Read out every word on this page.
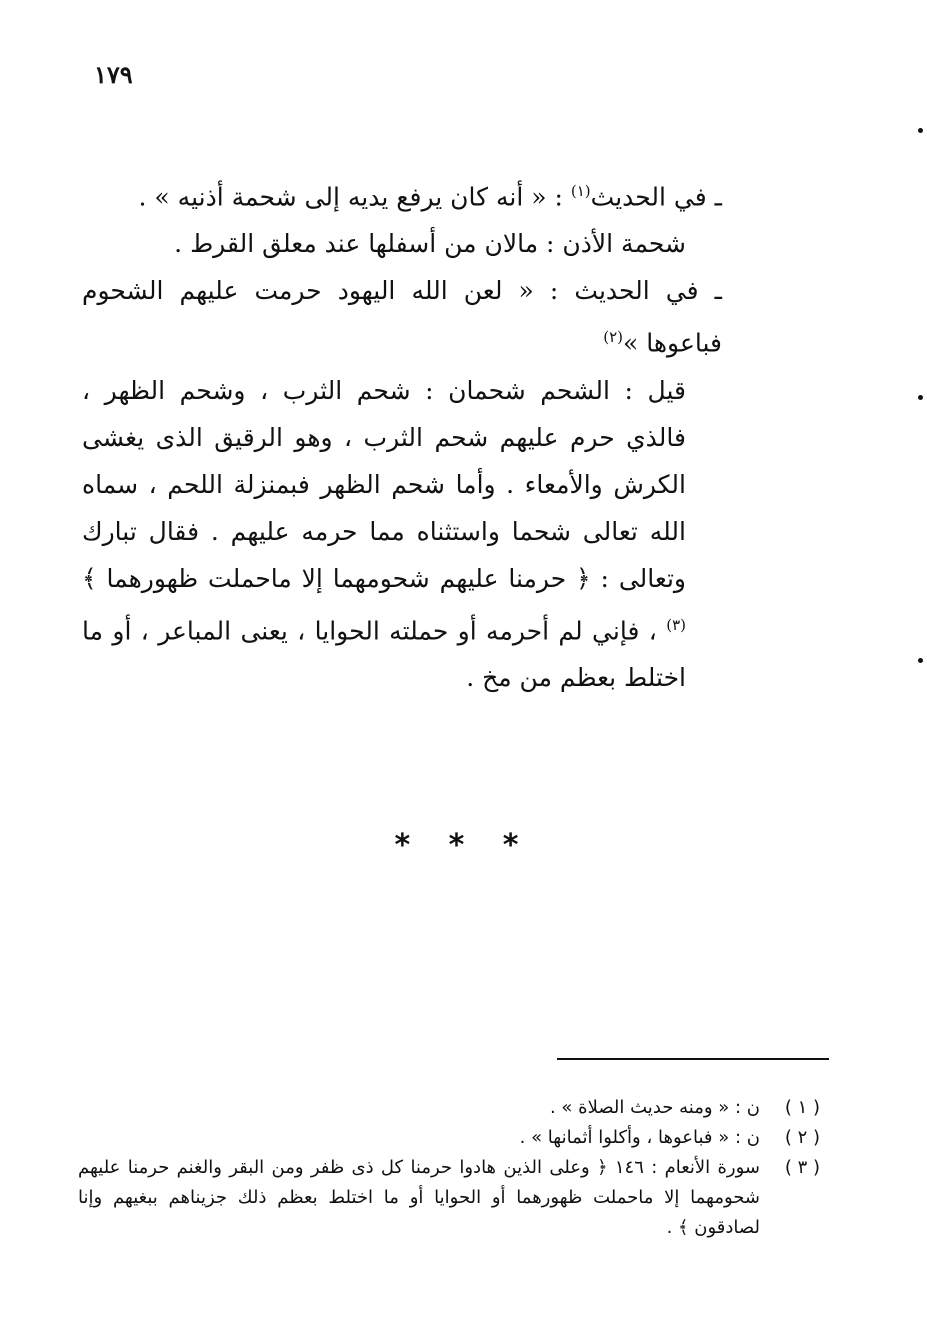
١٧٩

ـ في الحديث$^{(١)}$ : « أنه كان يرفع يديه إلى شحمة أذنيه » .

شحمة الأذن : مالان من أسفلها عند معلق القرط .

ـ في الحديث : « لعن الله اليهود حرمت عليهم الشحوم فباعوها »$^{(٢)}$

قيل : الشحم شحمان : شحم الثرب ، وشحم الظهر ، فالذي حرم عليهم شحم الثرب ، وهو الرقيق الذى يغشى الكرش والأمعاء . وأما شحم الظهر فبمنزلة اللحم ، سماه الله تعالى شحما واستثناه مما حرمه عليهم . فقال تبارك وتعالى : ﴿ حرمنا عليهم شحومهما إلا ماحملت ظهورهما ﴾$^{(٣)}$ ، فإني لم أحرمه أو حملته الحوايا ، يعنى المباعر ، أو ما اختلط بعظم من مخ .

* * *
( ١ )
ن : « ومنه حديث الصلاة » .
( ٢ )
ن : « فباعوها ، وأكلوا أثمانها » .
( ٣ )
سورة الأنعام : ١٤٦ ﴿ وعلى الذين هادوا حرمنا كل ذى ظفر ومن البقر والغنم حرمنا عليهم شحومهما إلا ماحملت ظهورهما أو الحوايا أو ما اختلط بعظم ذلك جزيناهم ببغيهم وإنا لصادقون ﴾ .
